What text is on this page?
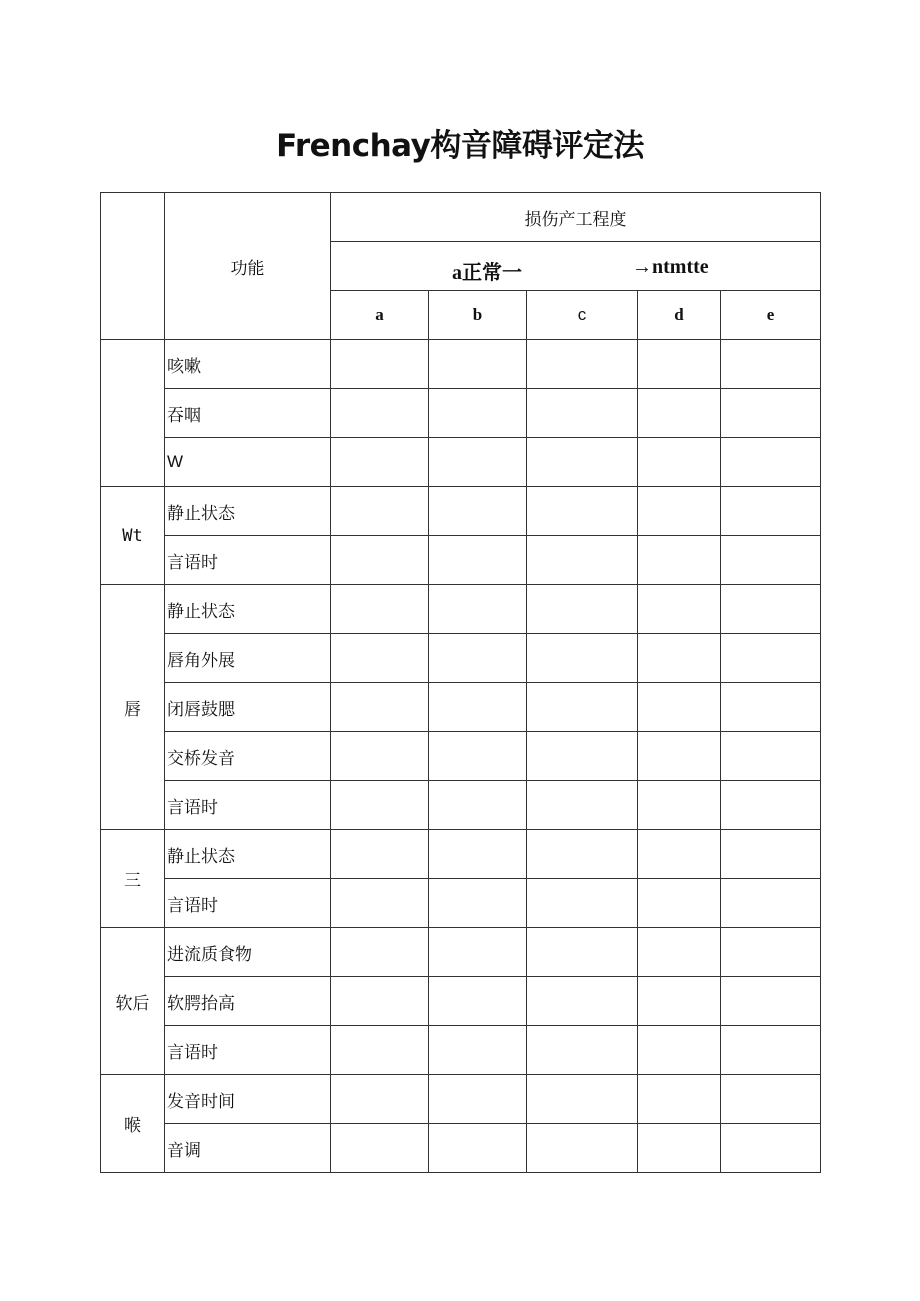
Frenchay构音障碍评定法
	功能	损伤产工程度				

		a正常一 →ntmtte				

		a	b	c	d	e
	咳嗽					
	吞咽					
	W					
Wt	静止状态					
	言语时					
唇	静止状态					
	唇角外展					
	闭唇鼓腮					
	交桥发音					
	言语时					
三	静止状态					
	言语时					
软后	进流质食物					
	软腭抬高					
	言语时					
喉	发音时间					
	音调					
